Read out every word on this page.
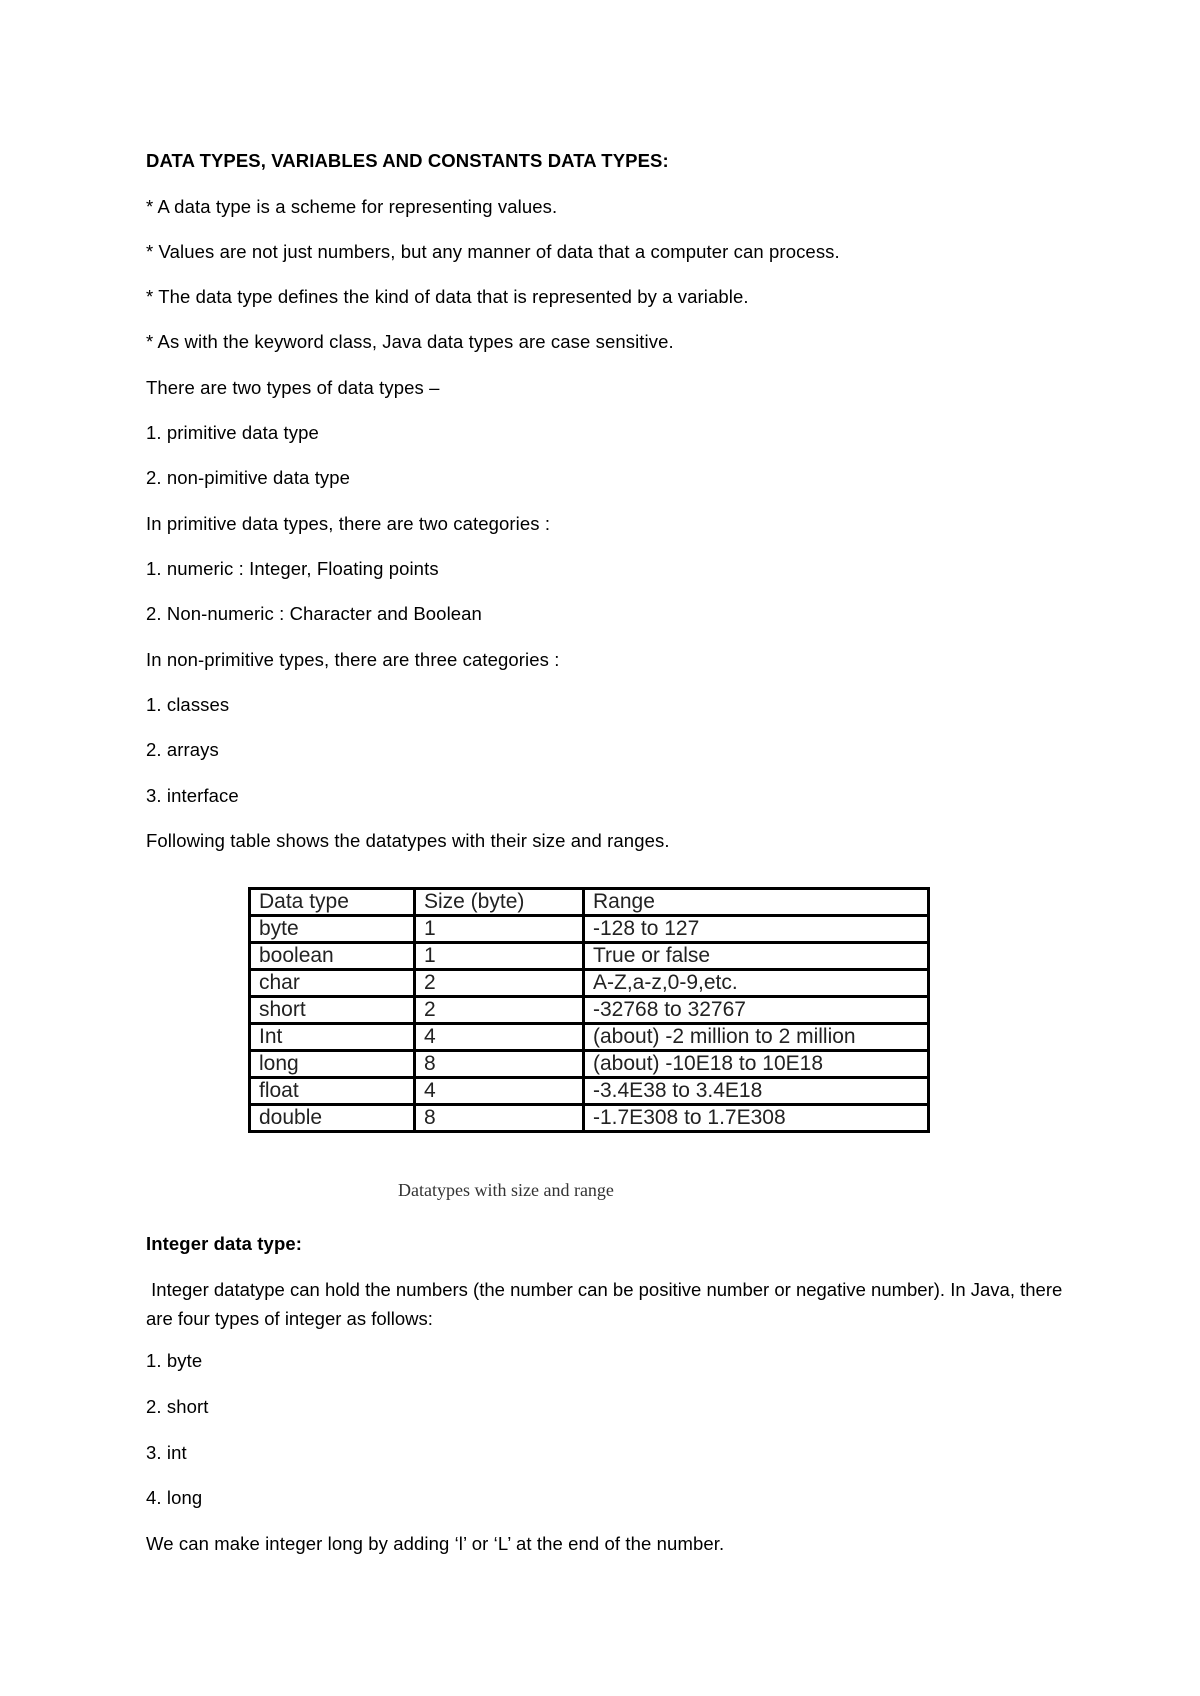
DATA TYPES, VARIABLES AND CONSTANTS DATA TYPES:
* A data type is a scheme for representing values.
* Values are not just numbers, but any manner of data that a computer can process.
* The data type defines the kind of data that is represented by a variable.
* As with the keyword class, Java data types are case sensitive.
There are two types of data types –
1. primitive data type
2. non-pimitive data type
In primitive data types, there are two categories :
1. numeric : Integer, Floating points
2. Non-numeric : Character and Boolean
In non-primitive types, there are three categories :
1. classes
2. arrays
3. interface
Following table shows the datatypes with their size and ranges.
Data type	Size (byte)	Range
byte	1	-128 to 127
boolean	1	True or false
char	2	A-Z,a-z,0-9,etc.
short	2	-32768 to 32767
Int	4	(about) -2 million to 2 million
long	8	(about) -10E18 to 10E18
float	4	-3.4E38 to 3.4E18
double	8	-1.7E308 to 1.7E308
Datatypes with size and range
Integer data type:
Integer datatype can hold the numbers (the number can be positive number or negative number). In Java, there are four types of integer as follows:
1. byte
2. short
3. int
4. long
We can make integer long by adding ‘l’ or ‘L’ at the end of the number.
